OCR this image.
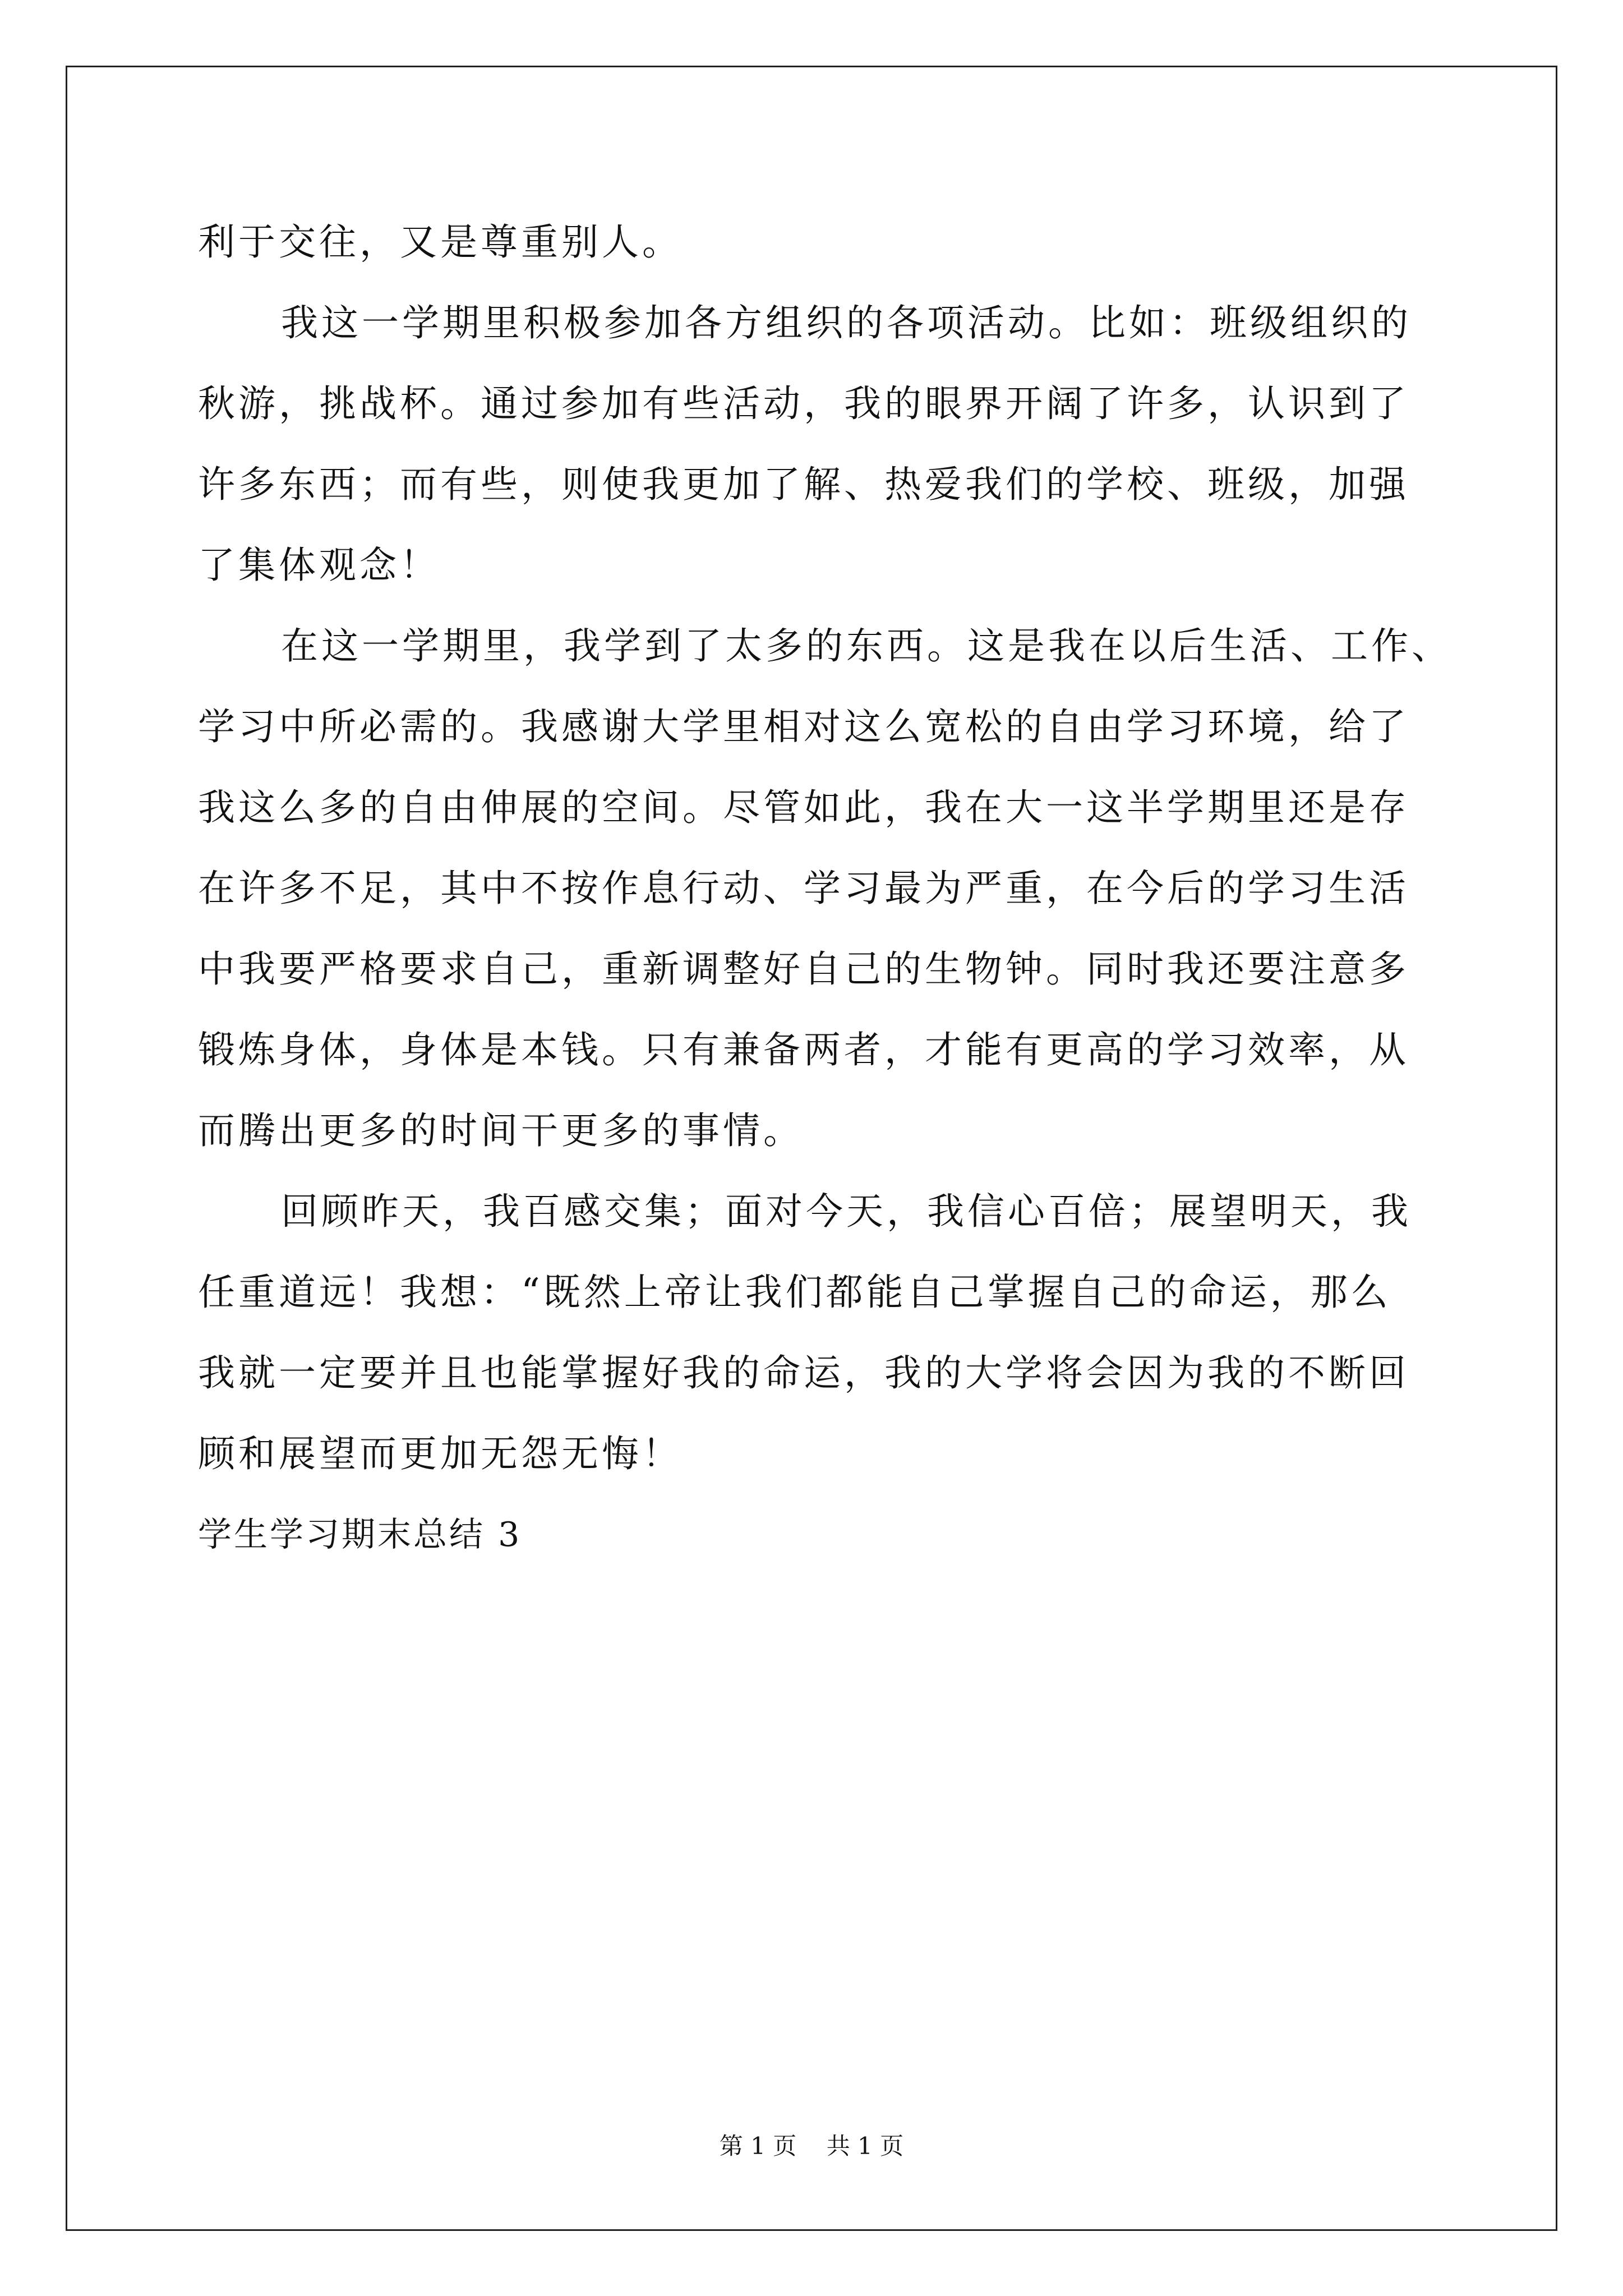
利于交往，又是尊重别人。
我这一学期里积极参加各方组织的各项活动。比如：班级组织的
秋游，挑战杯。通过参加有些活动，我的眼界开阔了许多，认识到了
许多东西；而有些，则使我更加了解、热爱我们的学校、班级，加强
了集体观念！
在这一学期里，我学到了太多的东西。这是我在以后生活、工作、
学习中所必需的。我感谢大学里相对这么宽松的自由学习环境，给了
我这么多的自由伸展的空间。尽管如此，我在大一这半学期里还是存
在许多不足，其中不按作息行动、学习最为严重，在今后的学习生活
中我要严格要求自己，重新调整好自己的生物钟。同时我还要注意多
锻炼身体，身体是本钱。只有兼备两者，才能有更高的学习效率，从
而腾出更多的时间干更多的事情。
回顾昨天，我百感交集；面对今天，我信心百倍；展望明天，我
任重道远！我想：“既然上帝让我们都能自己掌握自己的命运，那么
我就一定要并且也能掌握好我的命运，我的大学将会因为我的不断回
顾和展望而更加无怨无悔！
学生学习期末总结 3
第 1 页    共 1 页
